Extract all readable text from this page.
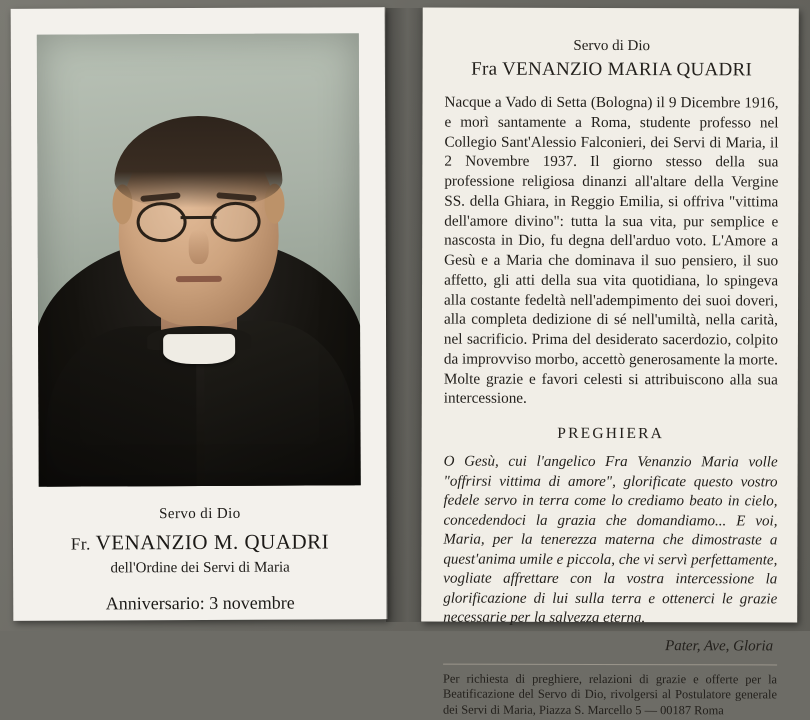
Servo di Dio
Fr. VENANZIO M. QUADRI
dell'Ordine dei Servi di Maria
Anniversario: 3 novembre
Servo di Dio
Fra VENANZIO MARIA QUADRI
Nacque a Vado di Setta (Bologna) il 9 Dicembre 1916, e morì santamente a Roma, studente professo nel Collegio Sant'Alessio Falconieri, dei Servi di Maria, il 2 Novembre 1937. Il giorno stesso della sua professione religiosa dinanzi all'altare della Vergine SS. della Ghiara, in Reggio Emilia, si offriva "vittima dell'amore divino": tutta la sua vita, pur semplice e nascosta in Dio, fu degna dell'arduo voto. L'Amore a Gesù e a Maria che dominava il suo pensiero, il suo affetto, gli atti della sua vita quotidiana, lo spingeva alla costante fedeltà nell'adempimento dei suoi doveri, alla completa dedizione di sé nell'umiltà, nella carità, nel sacrificio. Prima del desiderato sacerdozio, colpito da improvviso morbo, accettò generosamente la morte. Molte grazie e favori celesti si attribuiscono alla sua intercessione.
PREGHIERA
O Gesù, cui l'angelico Fra Venanzio Maria volle "offrirsi vittima di amore", glorificate questo vostro fedele servo in terra come lo crediamo beato in cielo, concedendoci la grazia che domandiamo... E voi, Maria, per la tenerezza materna che dimostraste a quest'anima umile e piccola, che vi servì perfettamente, vogliate affrettare con la vostra intercessione la glorificazione di lui sulla terra e ottenerci le grazie necessarie per la salvezza eterna.
Pater, Ave, Gloria
Per richiesta di preghiere, relazioni di grazie e offerte per la Beatificazione del Servo di Dio, rivolgersi al Postulatore generale dei Servi di Maria, Piazza S. Marcello 5 — 00187 Roma
